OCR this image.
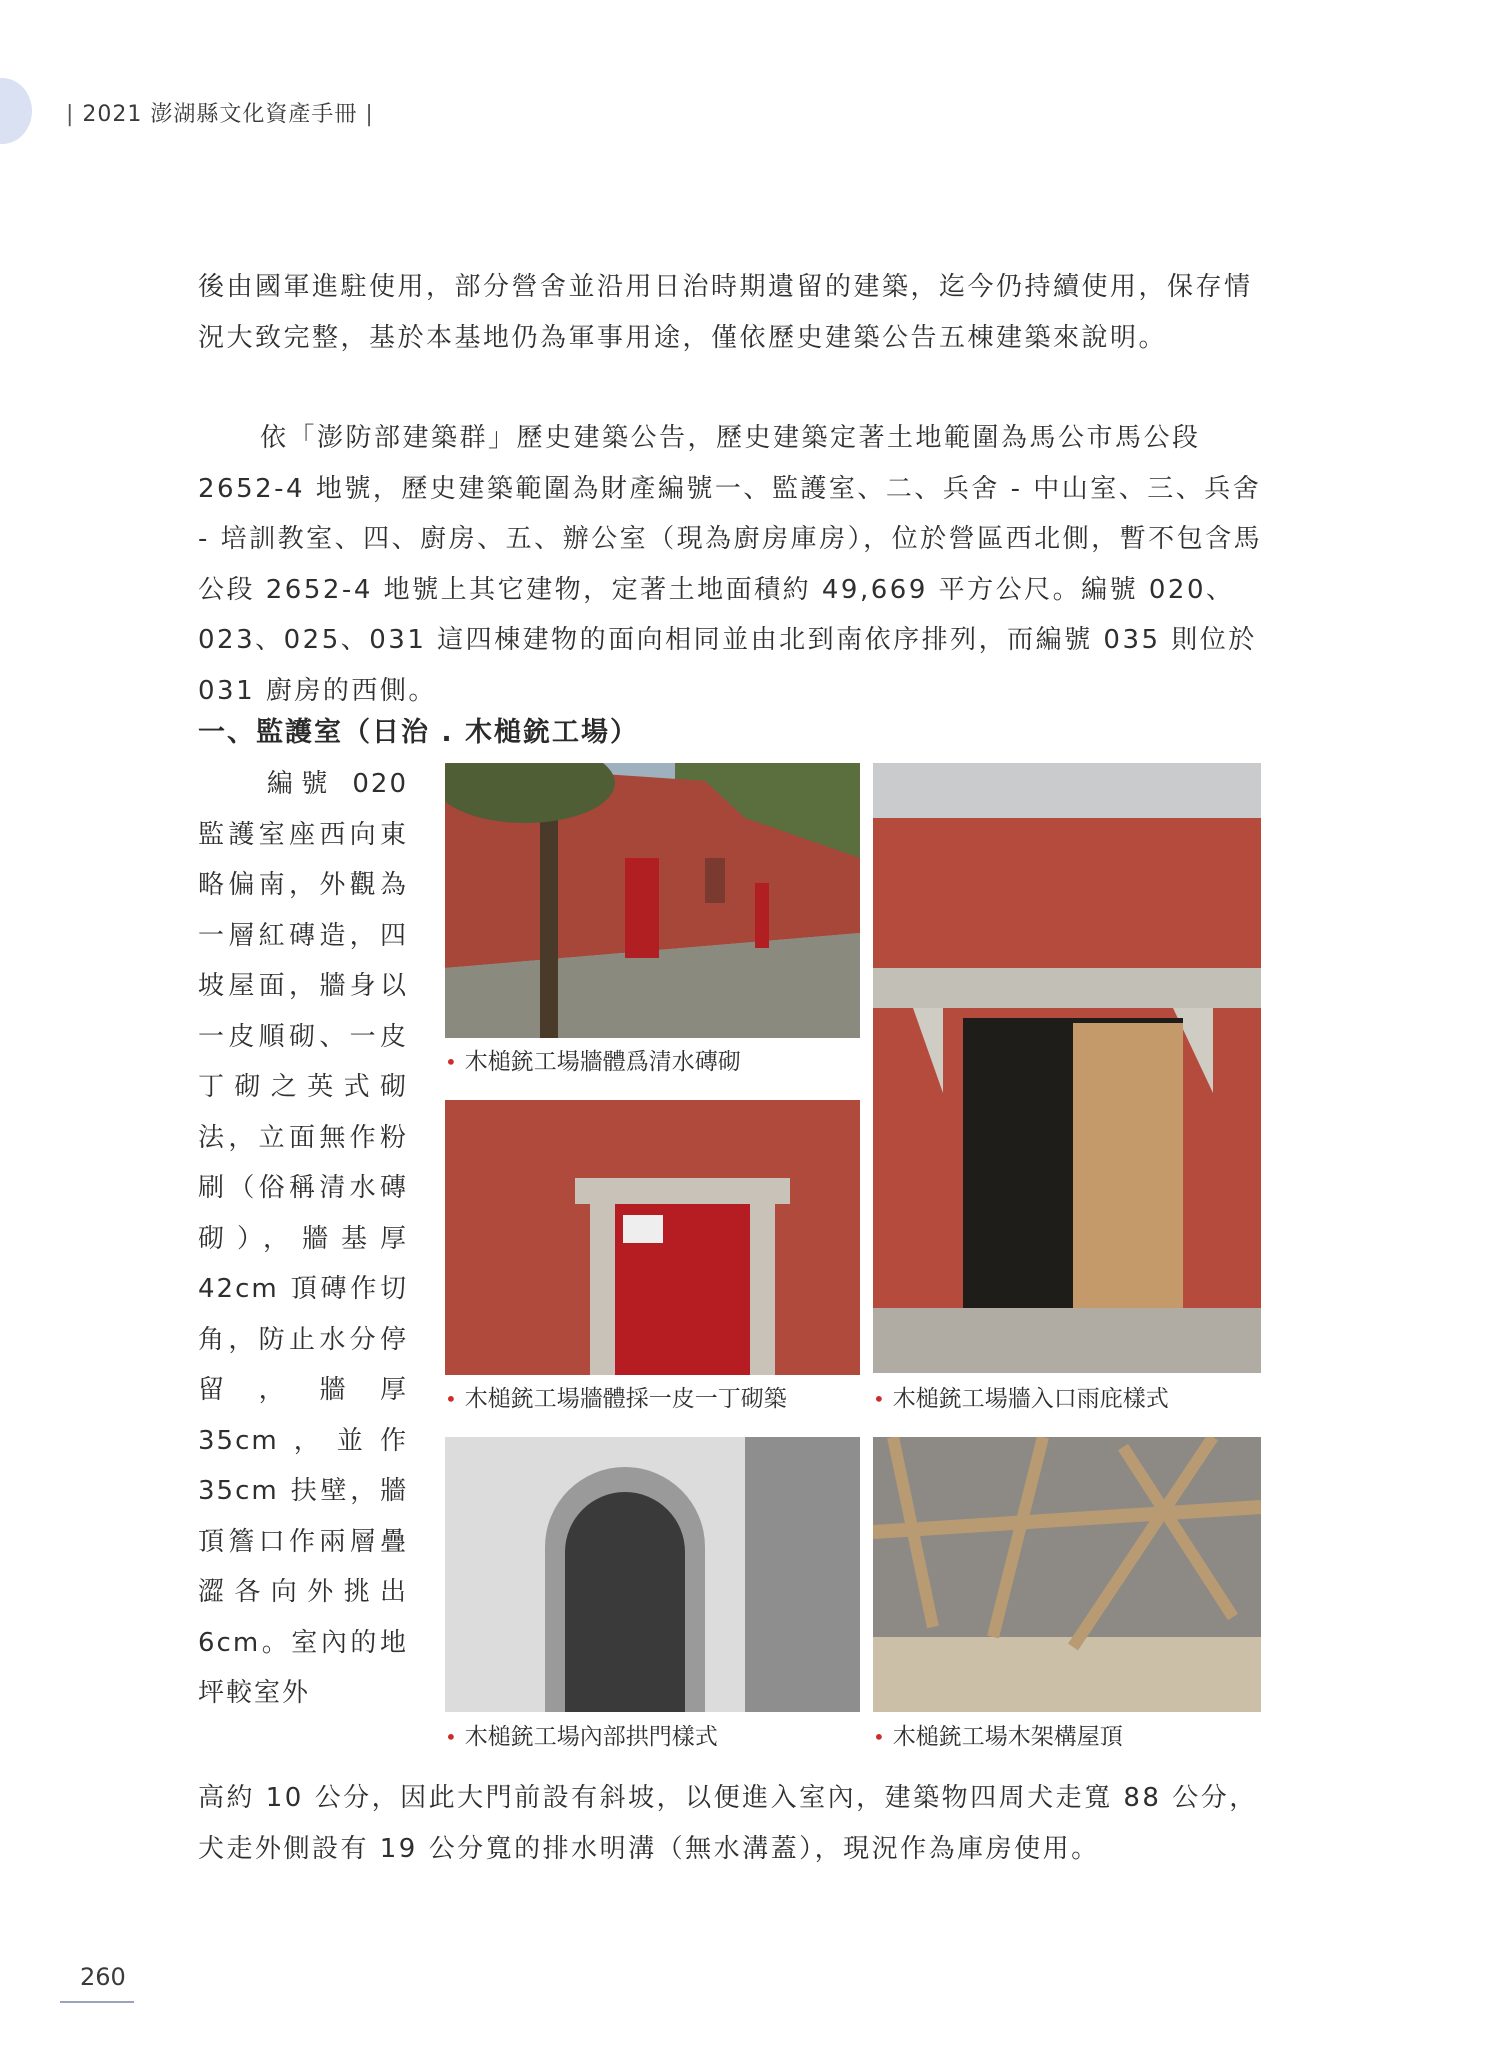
| 2021 澎湖縣文化資產手冊 |
後由國軍進駐使用，部分營舍並沿用日治時期遺留的建築，迄今仍持續使用，保存情況大致完整，基於本基地仍為軍事用途，僅依歷史建築公告五棟建築來說明。
依「澎防部建築群」歷史建築公告，歷史建築定著土地範圍為馬公市馬公段 2652-4 地號，歷史建築範圍為財產編號一、監護室、二、兵舍 - 中山室、三、兵舍 - 培訓教室、四、廚房、五、辦公室（現為廚房庫房），位於營區西北側，暫不包含馬公段 2652-4 地號上其它建物，定著土地面積約 49,669 平方公尺。編號 020、023、025、031 這四棟建物的面向相同並由北到南依序排列，而編號 035 則位於 031 廚房的西側。
一、監護室（日治 . 木槌銃工場）
　　編號 020 監護室座西向東略偏南，外觀為一層紅磚造，四坡屋面，牆身以一皮順砌、一皮丁砌之英式砌法，立面無作粉刷（俗稱清水磚砌），牆基厚 42cm 頂磚作切角，防止水分停留，牆厚 35cm，並作 35cm 扶壁，牆頂簷口作兩層疊澀各向外挑出 6cm。室內的地坪較室外
• 木槌銃工場牆體爲清水磚砌
• 木槌銃工場牆體採一皮一丁砌築	• 木槌銃工場牆入口雨庇樣式
• 木槌銃工場內部拱門樣式	• 木槌銃工場木架構屋頂
高約 10 公分，因此大門前設有斜坡，以便進入室內，建築物四周犬走寬 88 公分，犬走外側設有 19 公分寬的排水明溝（無水溝蓋），現況作為庫房使用。
260
